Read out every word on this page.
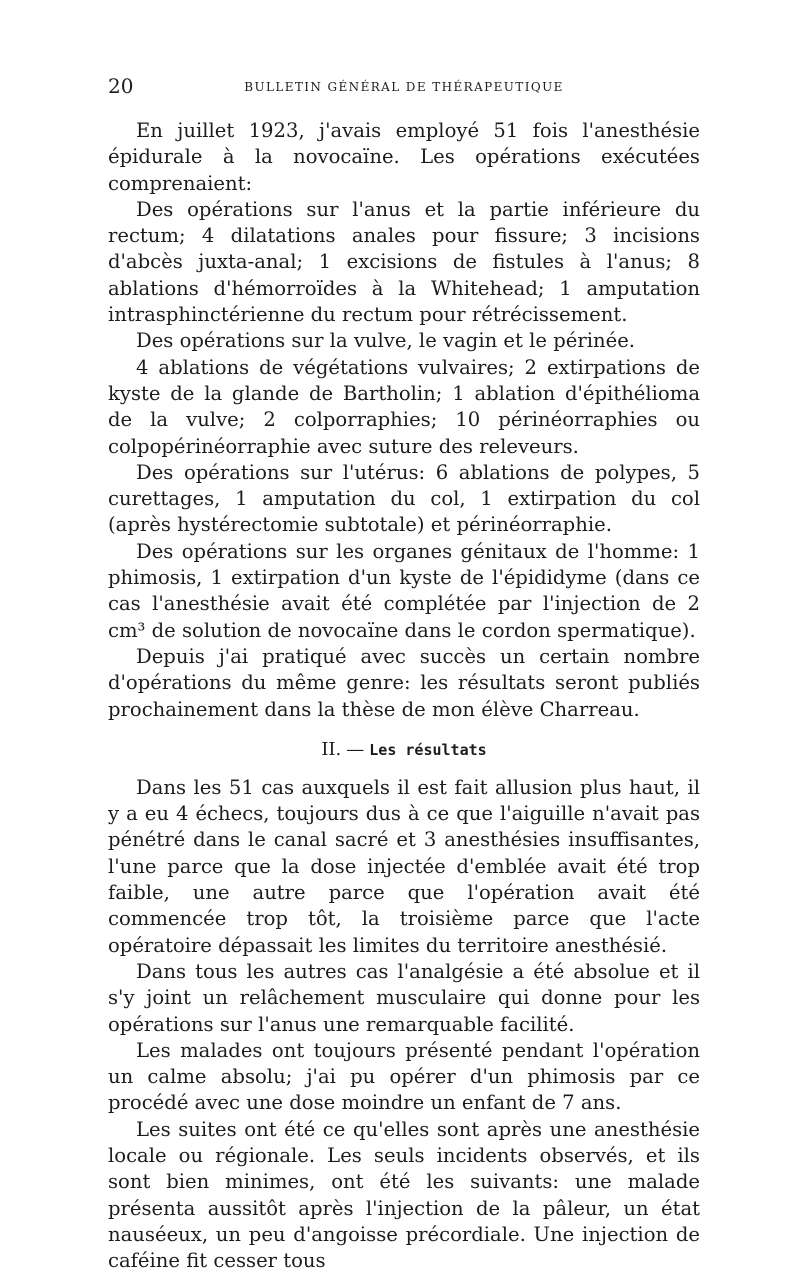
20	BULLETIN GÉNÉRAL DE THÉRAPEUTIQUE

En juillet 1923, j'avais employé 51 fois l'anesthésie épidurale à la novocaïne. Les opérations exécutées comprenaient:

Des opérations sur l'anus et la partie inférieure du rectum; 4 dilatations anales pour fissure; 3 incisions d'abcès juxta-anal; 1 excisions de fistules à l'anus; 8 ablations d'hémorroïdes à la Whitehead; 1 amputation intrasphinctérienne du rectum pour rétrécissement.

Des opérations sur la vulve, le vagin et le périnée.

4 ablations de végétations vulvaires; 2 extirpations de kyste de la glande de Bartholin; 1 ablation d'épithélioma de la vulve; 2 colporraphies; 10 périnéorraphies ou colpopérinéorraphie avec suture des releveurs.

Des opérations sur l'utérus: 6 ablations de polypes, 5 curettages, 1 amputation du col, 1 extirpation du col (après hystérectomie subtotale) et périnéorraphie.

Des opérations sur les organes génitaux de l'homme: 1 phimosis, 1 extirpation d'un kyste de l'épididyme (dans ce cas l'anesthésie avait été complétée par l'injection de 2 cm³ de solution de novocaïne dans le cordon spermatique).

Depuis j'ai pratiqué avec succès un certain nombre d'opérations du même genre: les résultats seront publiés prochainement dans la thèse de mon élève Charreau.

II. — Les résultats

Dans les 51 cas auxquels il est fait allusion plus haut, il y a eu 4 échecs, toujours dus à ce que l'aiguille n'avait pas pénétré dans le canal sacré et 3 anesthésies insuffisantes, l'une parce que la dose injectée d'emblée avait été trop faible, une autre parce que l'opération avait été commencée trop tôt, la troisième parce que l'acte opératoire dépassait les limites du territoire anesthésié.

Dans tous les autres cas l'analgésie a été absolue et il s'y joint un relâchement musculaire qui donne pour les opérations sur l'anus une remarquable facilité.

Les malades ont toujours présenté pendant l'opération un calme absolu; j'ai pu opérer d'un phimosis par ce procédé avec une dose moindre un enfant de 7 ans.

Les suites ont été ce qu'elles sont après une anesthésie locale ou régionale. Les seuls incidents observés, et ils sont bien minimes, ont été les suivants: une malade présenta aussitôt après l'injection de la pâleur, un état nauséeux, un peu d'angoisse précordiale. Une injection de caféine fit cesser tous
